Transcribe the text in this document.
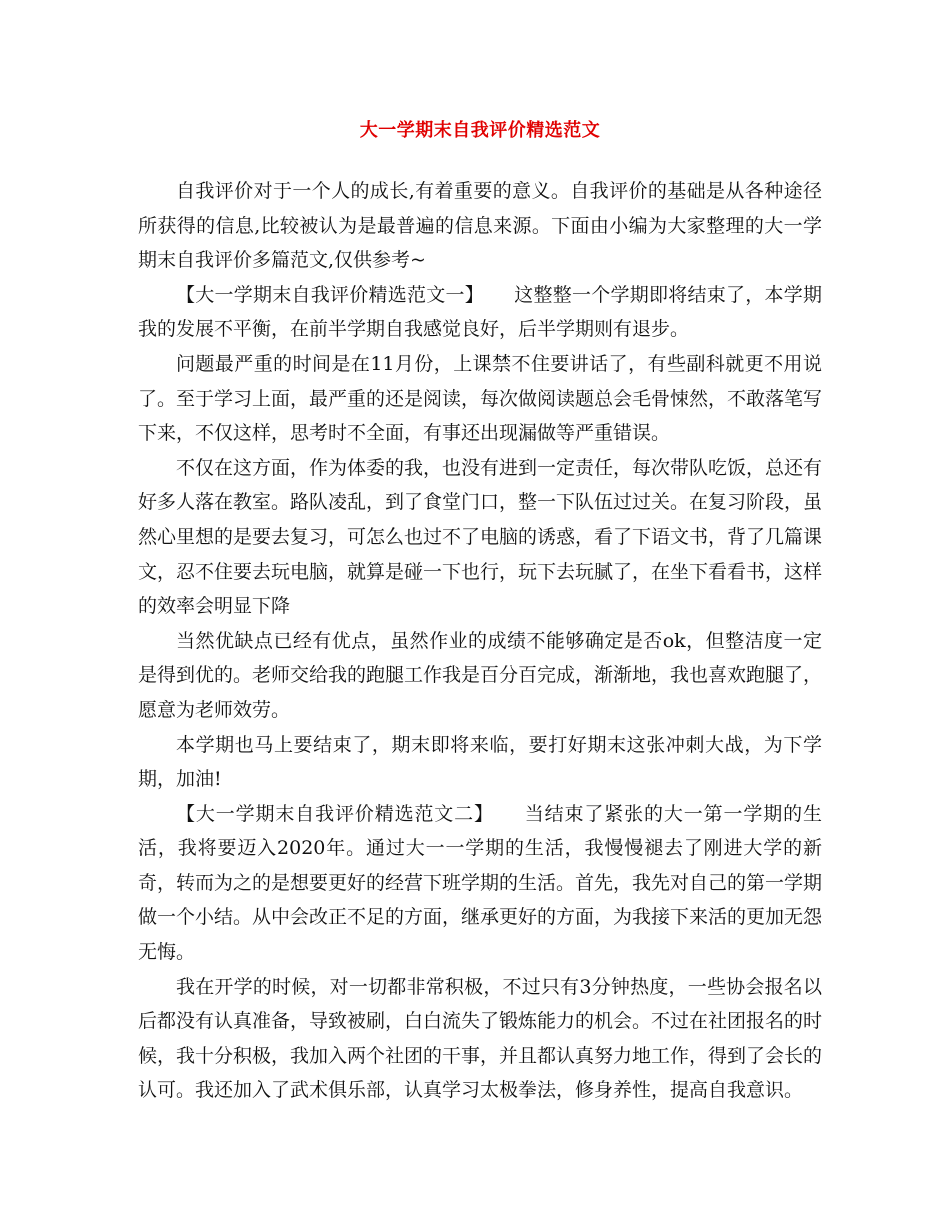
大一学期末自我评价精选范文

自我评价对于一个人的成长,有着重要的意义。自我评价的基础是从各种途径所获得的信息,比较被认为是最普遍的信息来源。下面由小编为大家整理的大一学期末自我评价多篇范文,仅供参考~

【大一学期末自我评价精选范文一】 这整整一个学期即将结束了，本学期我的发展不平衡，在前半学期自我感觉良好，后半学期则有退步。

问题最严重的时间是在11月份，上课禁不住要讲话了，有些副科就更不用说了。至于学习上面，最严重的还是阅读，每次做阅读题总会毛骨悚然，不敢落笔写下来，不仅这样，思考时不全面，有事还出现漏做等严重错误。

不仅在这方面，作为体委的我，也没有进到一定责任，每次带队吃饭，总还有好多人落在教室。路队凌乱，到了食堂门口，整一下队伍过过关。在复习阶段，虽然心里想的是要去复习，可怎么也过不了电脑的诱惑，看了下语文书，背了几篇课文，忍不住要去玩电脑，就算是碰一下也行，玩下去玩腻了，在坐下看看书，这样的效率会明显下降

当然优缺点已经有优点，虽然作业的成绩不能够确定是否ok，但整洁度一定是得到优的。老师交给我的跑腿工作我是百分百完成，渐渐地，我也喜欢跑腿了，愿意为老师效劳。

本学期也马上要结束了，期末即将来临，要打好期末这张冲刺大战，为下学期，加油!

【大一学期末自我评价精选范文二】 当结束了紧张的大一第一学期的生活，我将要迈入2020年。通过大一一学期的生活，我慢慢褪去了刚进大学的新奇，转而为之的是想要更好的经营下班学期的生活。首先，我先对自己的第一学期做一个小结。从中会改正不足的方面，继承更好的方面，为我接下来活的更加无怨无悔。

我在开学的时候，对一切都非常积极，不过只有3分钟热度，一些协会报名以后都没有认真准备，导致被刷，白白流失了锻炼能力的机会。不过在社团报名的时候，我十分积极，我加入两个社团的干事，并且都认真努力地工作，得到了会长的认可。我还加入了武术俱乐部，认真学习太极拳法，修身养性，提高自我意识。
